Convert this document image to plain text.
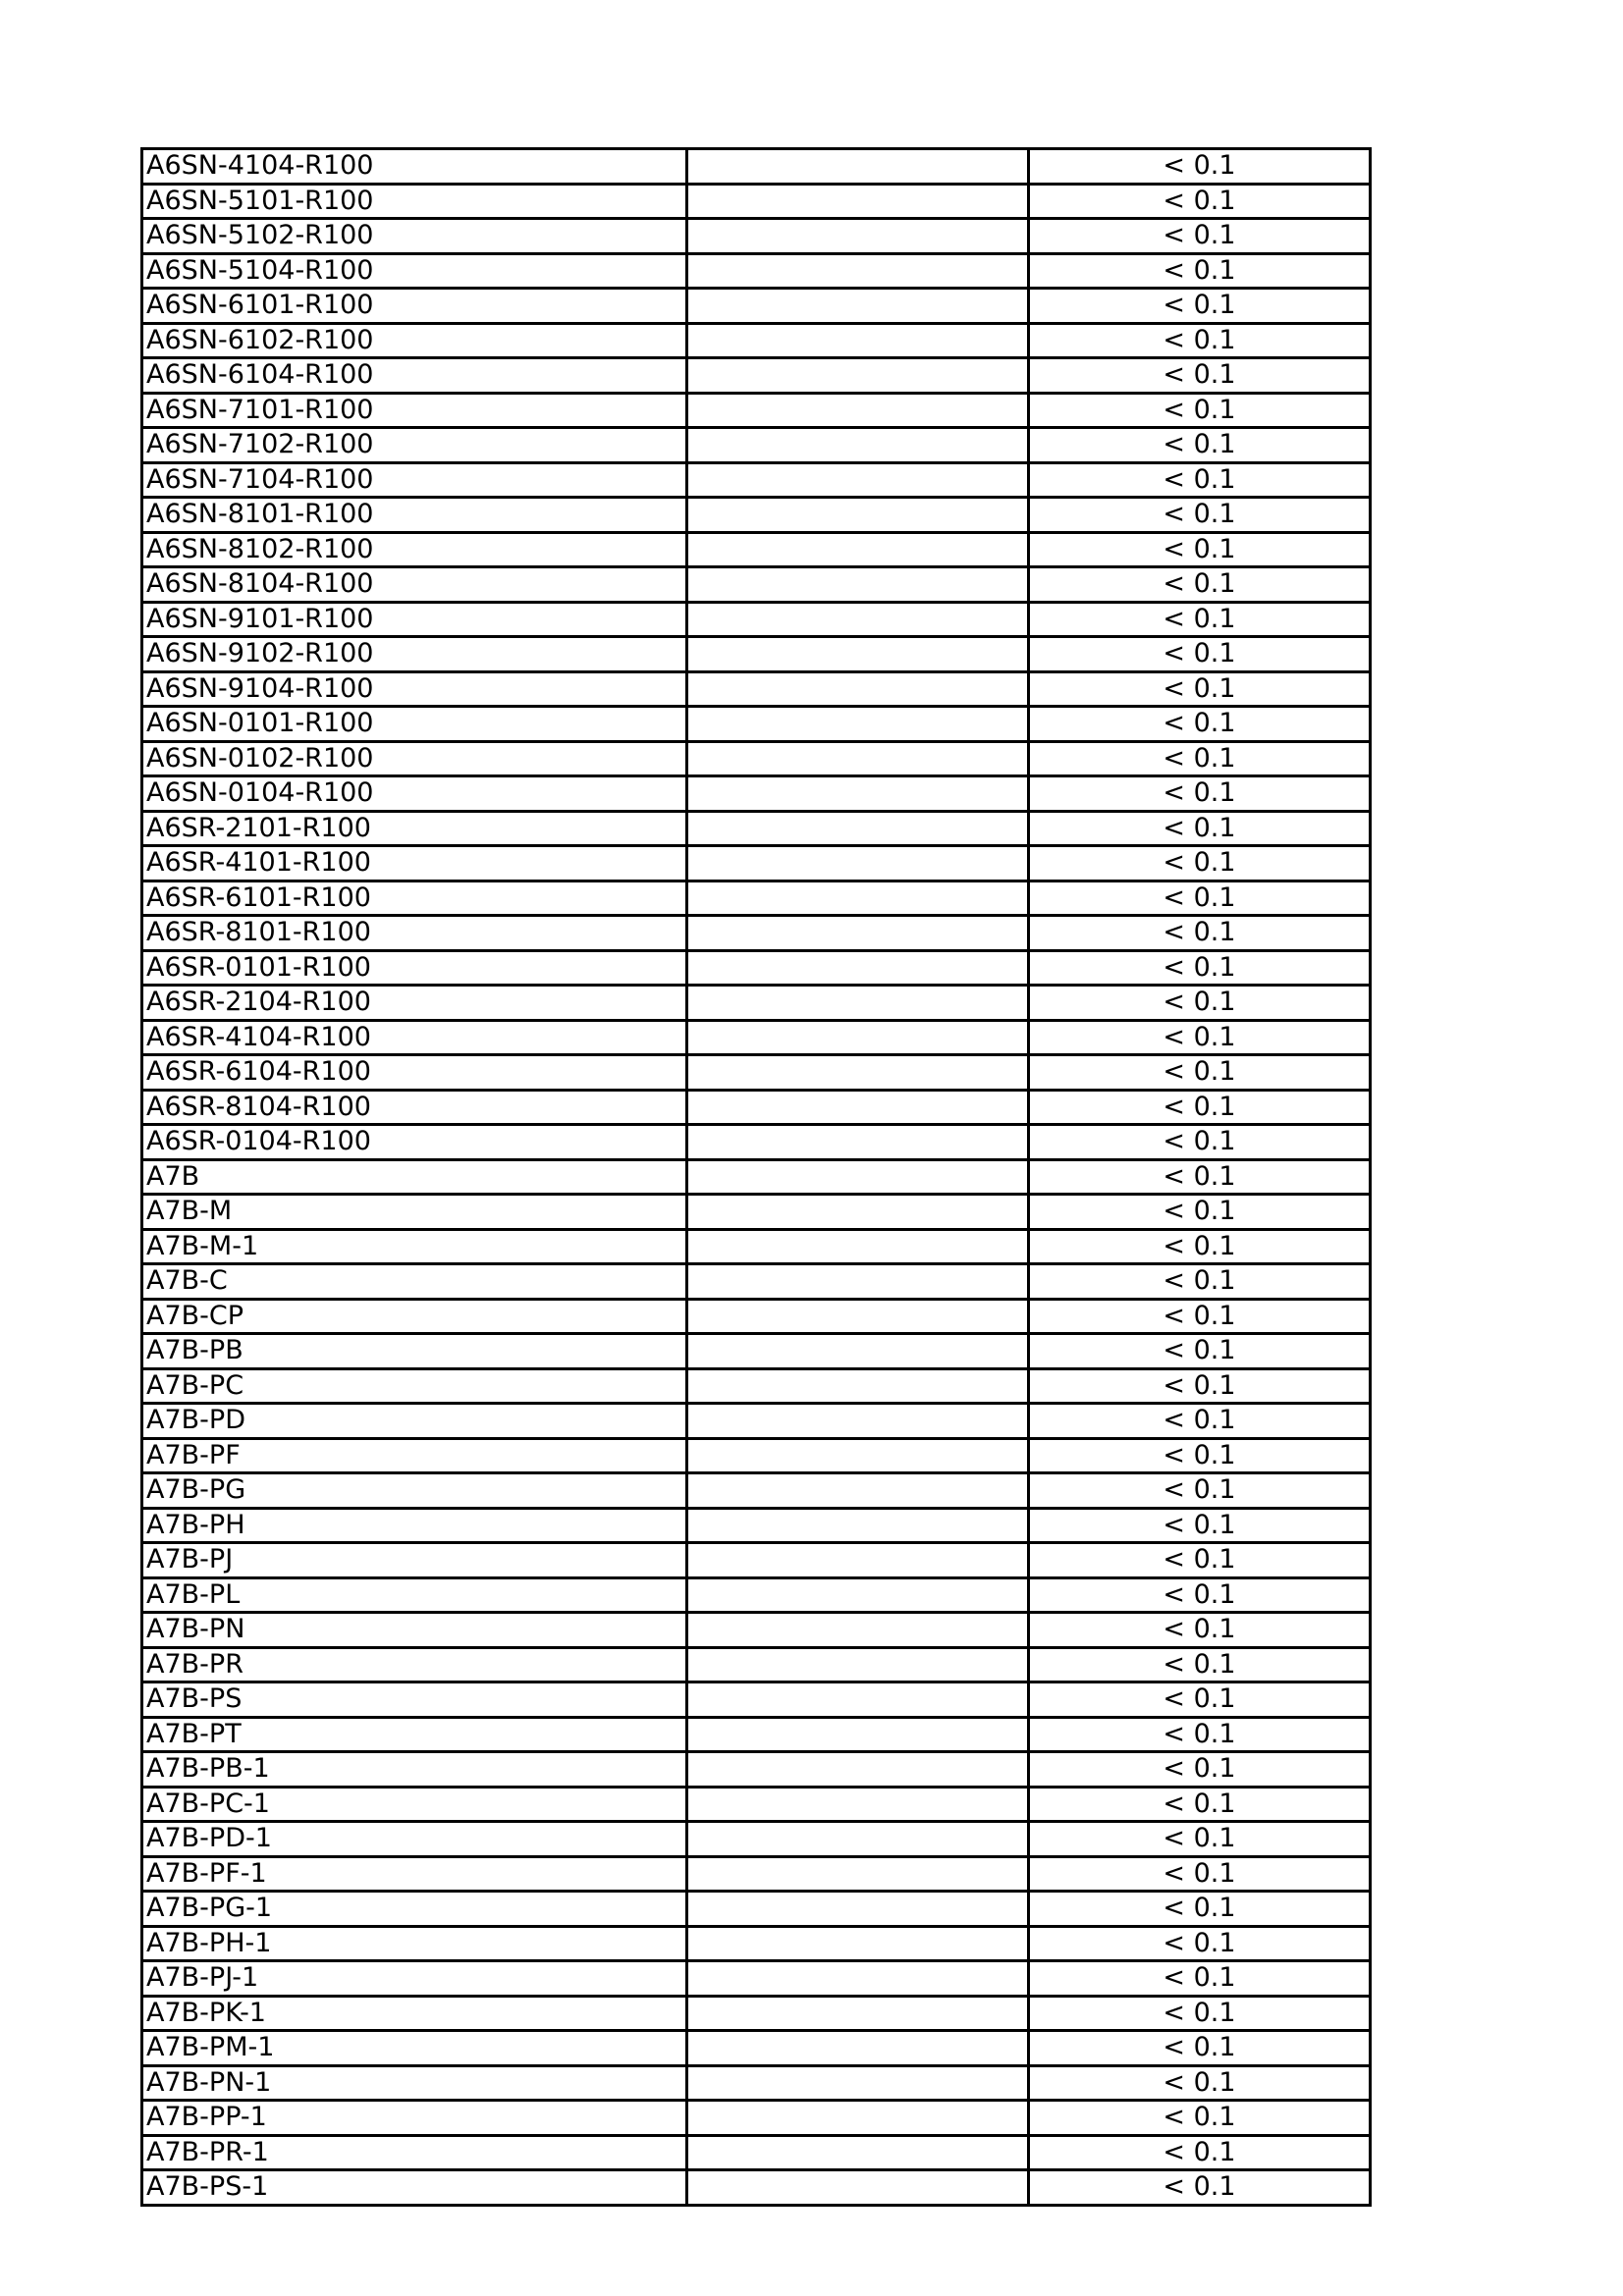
A6SN-4104-R100		< 0.1
A6SN-5101-R100		< 0.1
A6SN-5102-R100		< 0.1
A6SN-5104-R100		< 0.1
A6SN-6101-R100		< 0.1
A6SN-6102-R100		< 0.1
A6SN-6104-R100		< 0.1
A6SN-7101-R100		< 0.1
A6SN-7102-R100		< 0.1
A6SN-7104-R100		< 0.1
A6SN-8101-R100		< 0.1
A6SN-8102-R100		< 0.1
A6SN-8104-R100		< 0.1
A6SN-9101-R100		< 0.1
A6SN-9102-R100		< 0.1
A6SN-9104-R100		< 0.1
A6SN-0101-R100		< 0.1
A6SN-0102-R100		< 0.1
A6SN-0104-R100		< 0.1
A6SR-2101-R100		< 0.1
A6SR-4101-R100		< 0.1
A6SR-6101-R100		< 0.1
A6SR-8101-R100		< 0.1
A6SR-0101-R100		< 0.1
A6SR-2104-R100		< 0.1
A6SR-4104-R100		< 0.1
A6SR-6104-R100		< 0.1
A6SR-8104-R100		< 0.1
A6SR-0104-R100		< 0.1
A7B		< 0.1
A7B-M		< 0.1
A7B-M-1		< 0.1
A7B-C		< 0.1
A7B-CP		< 0.1
A7B-PB		< 0.1
A7B-PC		< 0.1
A7B-PD		< 0.1
A7B-PF		< 0.1
A7B-PG		< 0.1
A7B-PH		< 0.1
A7B-PJ		< 0.1
A7B-PL		< 0.1
A7B-PN		< 0.1
A7B-PR		< 0.1
A7B-PS		< 0.1
A7B-PT		< 0.1
A7B-PB-1		< 0.1
A7B-PC-1		< 0.1
A7B-PD-1		< 0.1
A7B-PF-1		< 0.1
A7B-PG-1		< 0.1
A7B-PH-1		< 0.1
A7B-PJ-1		< 0.1
A7B-PK-1		< 0.1
A7B-PM-1		< 0.1
A7B-PN-1		< 0.1
A7B-PP-1		< 0.1
A7B-PR-1		< 0.1
A7B-PS-1		< 0.1
